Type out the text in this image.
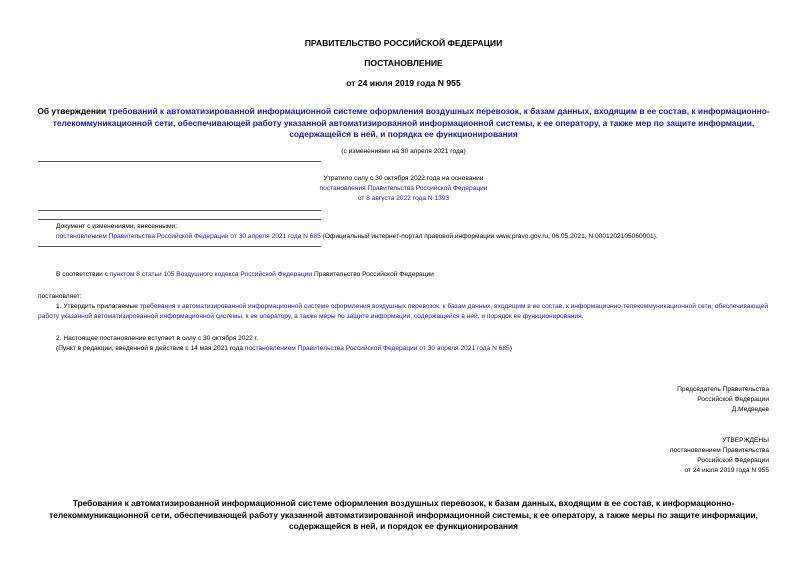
ПРАВИТЕЛЬСТВО РОССИЙСКОЙ ФЕДЕРАЦИИ
ПОСТАНОВЛЕНИЕ
от 24 июля 2019 года N 955
Об утверждении требований к автоматизированной информационной системе оформления воздушных перевозок, к базам данных, входящим в ее состав, к информационно-телекоммуникационной сети, обеспечивающей работу указанной автоматизированной информационной системы, к ее оператору, а также мер по защите информации, содержащейся в ней, и порядка ее функционирования
(с изменениями на 30 апреля 2021 года)
Утратило силу с 30 октября 2022 года на основании
постановления Правительства Российской Федерации
от 8 августа 2022 года N 1393
Документ с изменениями, внесенными:
постановлением Правительства Российской Федерации от 30 апреля 2021 года N 685 (Официальный интернет-портал правовой информации www.pravo.gov.ru, 06.05.2021, N 0001202105060001).
В соответствии с пунктом 8 статьи 105 Воздушного кодекса Российской Федерации Правительство Российской Федерации
постановляет:
1. Утвердить прилагаемые требования к автоматизированной информационной системе оформления воздушных перевозок, к базам данных, входящим в ее состав, к информационно-телекоммуникационной сети, обеспечивающей работу указанной автоматизированной информационной системы, к ее оператору, а также меры по защите информации, содержащейся в ней, и порядок ее функционирования.
2. Настоящее постановление вступает в силу с 30 октября 2022 г.
(Пункт в редакции, введенной в действие с 14 мая 2021 года постановлением Правительства Российской Федерации от 30 апреля 2021 года N 685)
Председатель Правительства
Российской Федерации
Д.Медведев
УТВЕРЖДЕНЫ
постановлением Правительства
Российской Федерации
от 24 июля 2019 года N 955
Требования к автоматизированной информационной системе оформления воздушных перевозок, к базам данных, входящим в ее состав, к информационно-телекоммуникационной сети, обеспечивающей работу указанной автоматизированной информационной системы, к ее оператору, а также меры по защите информации, содержащейся в ней, и порядок ее функционирования
